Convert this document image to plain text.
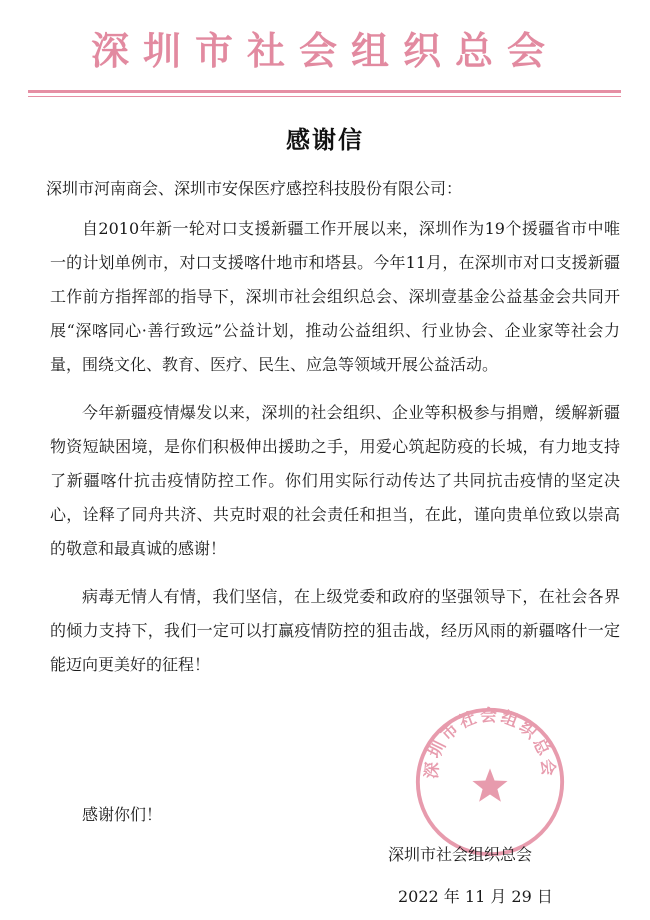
深圳市社会组织总会
感谢信
深圳市河南商会、深圳市安保医疗感控科技股份有限公司：

自2010年新一轮对口支援新疆工作开展以来，深圳作为19个援疆省市中唯一的计划单例市，对口支援喀什地市和塔县。今年11月，在深圳市对口支援新疆工作前方指挥部的指导下，深圳市社会组织总会、深圳壹基金公益基金会共同开展“深喀同心·善行致远”公益计划，推动公益组织、行业协会、企业家等社会力量，围绕文化、教育、医疗、民生、应急等领域开展公益活动。

今年新疆疫情爆发以来，深圳的社会组织、企业等积极参与捐赠，缓解新疆物资短缺困境，是你们积极伸出援助之手，用爱心筑起防疫的长城，有力地支持了新疆喀什抗击疫情防控工作。你们用实际行动传达了共同抗击疫情的坚定决心，诠释了同舟共济、共克时艰的社会责任和担当，在此，谨向贵单位致以崇高的敬意和最真诚的感谢！

病毒无情人有情，我们坚信，在上级党委和政府的坚强领导下，在社会各界的倾力支持下，我们一定可以打赢疫情防控的狙击战，经历风雨的新疆喀什一定能迈向更美好的征程！

感谢你们！
深圳市社会组织总会
深圳市社会组织总会
2022 年 11 月 29 日
